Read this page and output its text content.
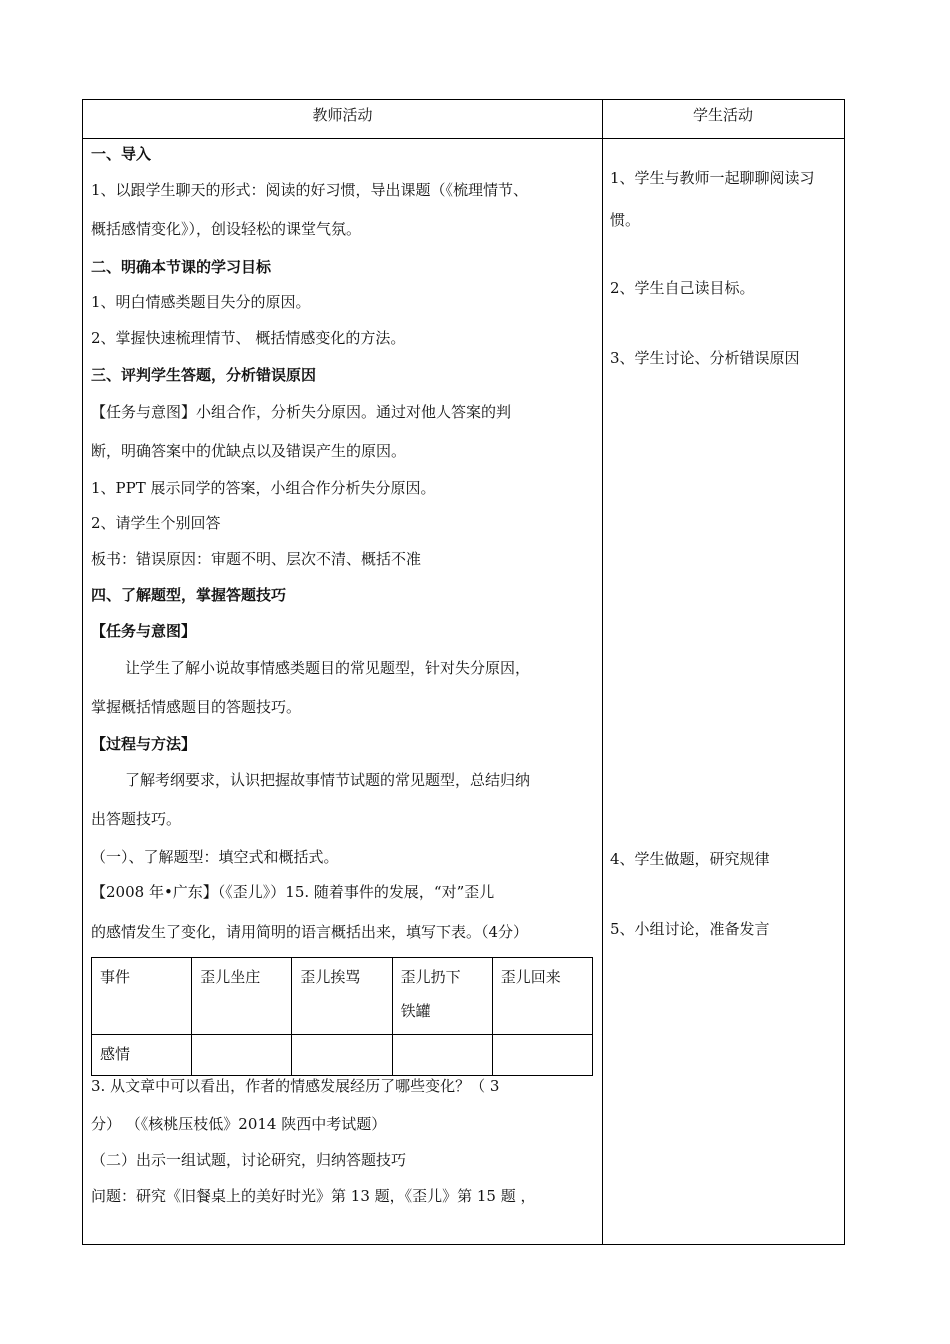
教师活动	学生活动
一、导入
1、以跟学生聊天的形式：阅读的好习惯，导出课题（《梳理情节、
概括感情变化》），创设轻松的课堂气氛。
二、明确本节课的学习目标
1、明白情感类题目失分的原因。
2、掌握快速梳理情节、 概括情感变化的方法。
三、评判学生答题，分析错误原因
【任务与意图】小组合作，分析失分原因。通过对他人答案的判
断，明确答案中的优缺点以及错误产生的原因。
1、PPT 展示同学的答案，小组合作分析失分原因。
2、请学生个别回答
板书：错误原因：审题不明、层次不清、概括不准
四、了解题型，掌握答题技巧
【任务与意图】
让学生了解小说故事情感类题目的常见题型，针对失分原因，
掌握概括情感题目的答题技巧。
【过程与方法】
了解考纲要求，认识把握故事情节试题的常见题型，总结归纳
出答题技巧。
（一）、了解题型：填空式和概括式。
【2008 年•广东】（《歪儿》）15. 随着事件的发展，“对”歪儿
的感情发生了变化，请用简明的语言概括出来，填写下表。（4分）
事件	歪儿坐庄	歪儿挨骂	歪儿扔下铁罐	歪儿回来
感情				
3. 从文章中可以看出，作者的情感发展经历了哪些变化？（ 3
分） （《核桃压枝低》2014 陕西中考试题）
（二）出示一组试题，讨论研究，归纳答题技巧
问题：研究《旧餐桌上的美好时光》第 13 题，《歪儿》第 15 题 ，
1、学生与教师一起聊聊阅读习
惯。
2、学生自己读目标。
3、学生讨论、分析错误原因
4、学生做题，研究规律
5、小组讨论，准备发言
